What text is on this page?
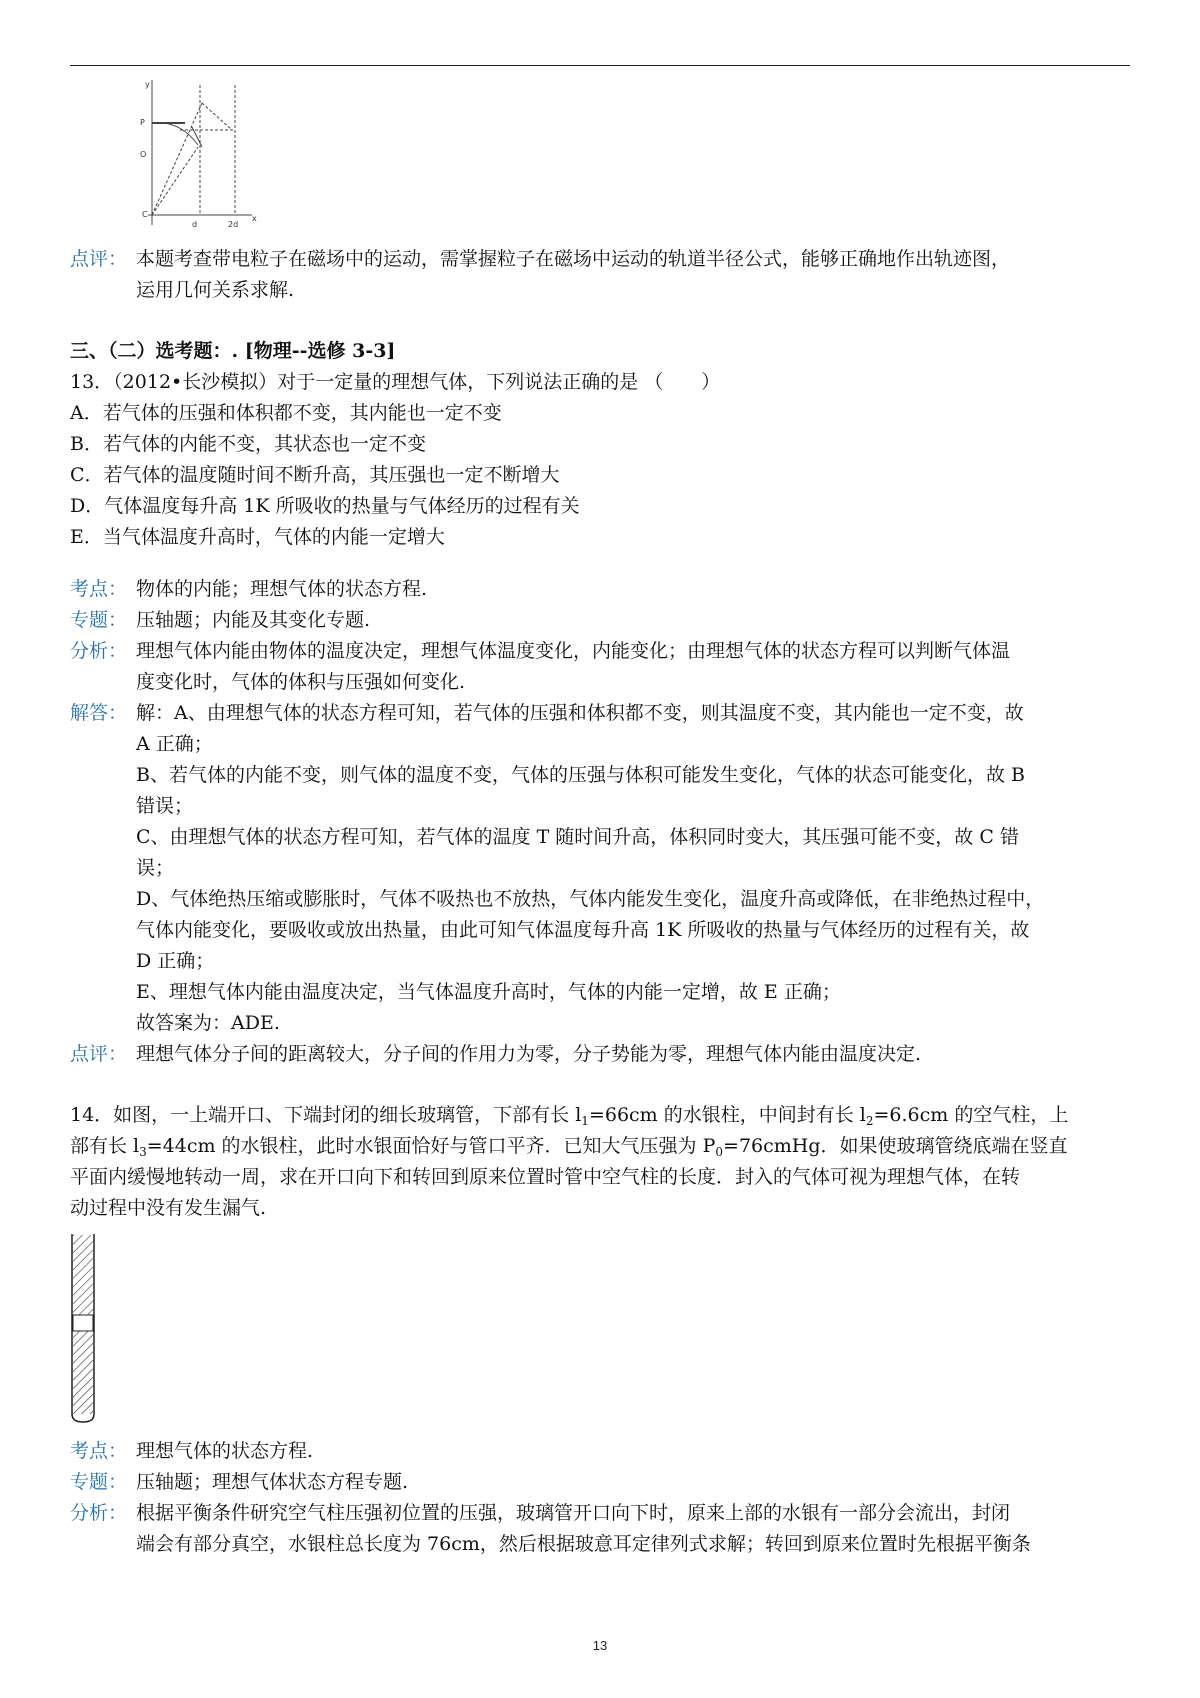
y
P
O
x
d	2d
C
点评： 本题考查带电粒子在磁场中的运动，需掌握粒子在磁场中运动的轨道半径公式，能够正确地作出轨迹图，
运用几何关系求解.
三、（二）选考题：. [物理--选修 3-3]
13．（2012•长沙模拟）对于一定量的理想气体，下列说法正确的是 （　　）
A．若气体的压强和体积都不变，其内能也一定不变
B．若气体的内能不变，其状态也一定不变
C．若气体的温度随时间不断升高，其压强也一定不断增大
D．气体温度每升高 1K 所吸收的热量与气体经历的过程有关
E．当气体温度升高时，气体的内能一定增大
考点： 物体的内能；理想气体的状态方程.
专题： 压轴题；内能及其变化专题.
分析： 理想气体内能由物体的温度决定，理想气体温度变化，内能变化；由理想气体的状态方程可以判断气体温
度变化时，气体的体积与压强如何变化.
解答： 解：A、由理想气体的状态方程可知，若气体的压强和体积都不变，则其温度不变，其内能也一定不变，故
A 正确；
B、若气体的内能不变，则气体的温度不变，气体的压强与体积可能发生变化，气体的状态可能变化，故 B
错误；
C、由理想气体的状态方程可知，若气体的温度 T 随时间升高，体积同时变大，其压强可能不变，故 C 错
误；
D、气体绝热压缩或膨胀时，气体不吸热也不放热，气体内能发生变化，温度升高或降低，在非绝热过程中，
气体内能变化，要吸收或放出热量，由此可知气体温度每升高 1K 所吸收的热量与气体经历的过程有关，故
D 正确；
E、理想气体内能由温度决定，当气体温度升高时，气体的内能一定增，故 E 正确；
故答案为：ADE.
点评： 理想气体分子间的距离较大，分子间的作用力为零，分子势能为零，理想气体内能由温度决定.
14．如图，一上端开口、下端封闭的细长玻璃管，下部有长 $l_1=66cm$ 的水银柱，中间封有长 $l_2=6.6cm$ 的空气柱，上
部有长 $l_3=44cm$ 的水银柱，此时水银面恰好与管口平齐．已知大气压强为 $P_0=76cmHg$．如果使玻璃管绕底端在竖直
平面内缓慢地转动一周，求在开口向下和转回到原来位置时管中空气柱的长度．封入的气体可视为理想气体，在转
动过程中没有发生漏气.
考点： 理想气体的状态方程.
专题： 压轴题；理想气体状态方程专题.
分析： 根据平衡条件研究空气柱压强初位置的压强，玻璃管开口向下时，原来上部的水银有一部分会流出，封闭
端会有部分真空，水银柱总长度为 76cm，然后根据玻意耳定律列式求解；转回到原来位置时先根据平衡条
13
